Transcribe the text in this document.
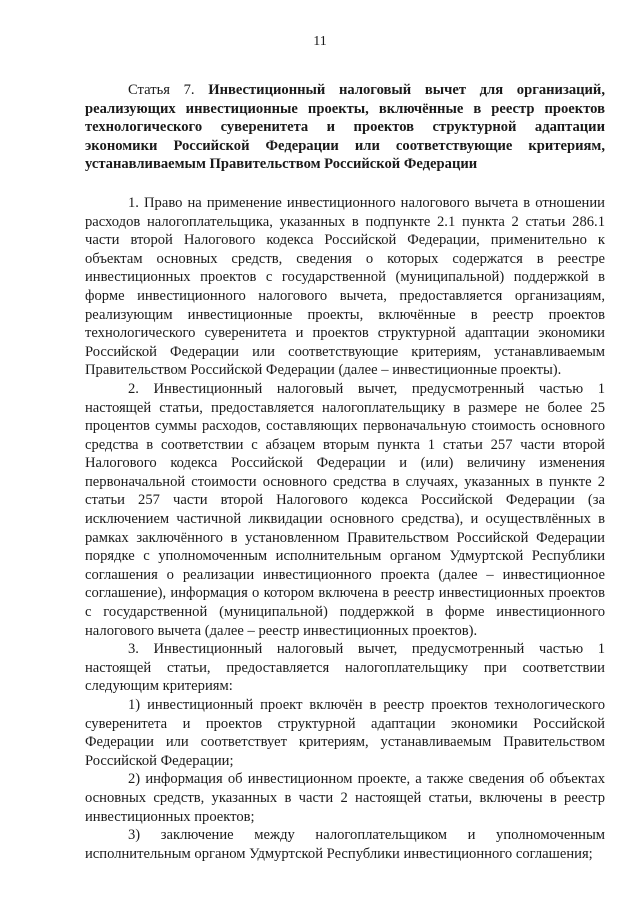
11
Статья 7. Инвестиционный налоговый вычет для организаций, реализующих инвестиционные проекты, включённые в реестр проектов технологического суверенитета и проектов структурной адаптации экономики Российской Федерации или соответствующие критериям, устанавливаемым Правительством Российской Федерации

1. Право на применение инвестиционного налогового вычета в отношении расходов налогоплательщика, указанных в подпункте 2.1 пункта 2 статьи 286.1 части второй Налогового кодекса Российской Федерации, применительно к объектам основных средств, сведения о которых содержатся в реестре инвестиционных проектов с государственной (муниципальной) поддержкой в форме инвестиционного налогового вычета, предоставляется организациям, реализующим инвестиционные проекты, включённые в реестр проектов технологического суверенитета и проектов структурной адаптации экономики Российской Федерации или соответствующие критериям, устанавливаемым Правительством Российской Федерации (далее – инвестиционные проекты).

2. Инвестиционный налоговый вычет, предусмотренный частью 1 настоящей статьи, предоставляется налогоплательщику в размере не более 25 процентов суммы расходов, составляющих первоначальную стоимость основного средства в соответствии с абзацем вторым пункта 1 статьи 257 части второй Налогового кодекса Российской Федерации и (или) величину изменения первоначальной стоимости основного средства в случаях, указанных в пункте 2 статьи 257 части второй Налогового кодекса Российской Федерации (за исключением частичной ликвидации основного средства), и осуществлённых в рамках заключённого в установленном Правительством Российской Федерации порядке с уполномоченным исполнительным органом Удмуртской Республики соглашения о реализации инвестиционного проекта (далее – инвестиционное соглашение), информация о котором включена в реестр инвестиционных проектов с государственной (муниципальной) поддержкой в форме инвестиционного налогового вычета (далее – реестр инвестиционных проектов).

3. Инвестиционный налоговый вычет, предусмотренный частью 1 настоящей статьи, предоставляется налогоплательщику при соответствии следующим критериям:

1) инвестиционный проект включён в реестр проектов технологического суверенитета и проектов структурной адаптации экономики Российской Федерации или соответствует критериям, устанавливаемым Правительством Российской Федерации;

2) информация об инвестиционном проекте, а также сведения об объектах основных средств, указанных в части 2 настоящей статьи, включены в реестр инвестиционных проектов;

3) заключение между налогоплательщиком и уполномоченным исполнительным органом Удмуртской Республики инвестиционного соглашения;
